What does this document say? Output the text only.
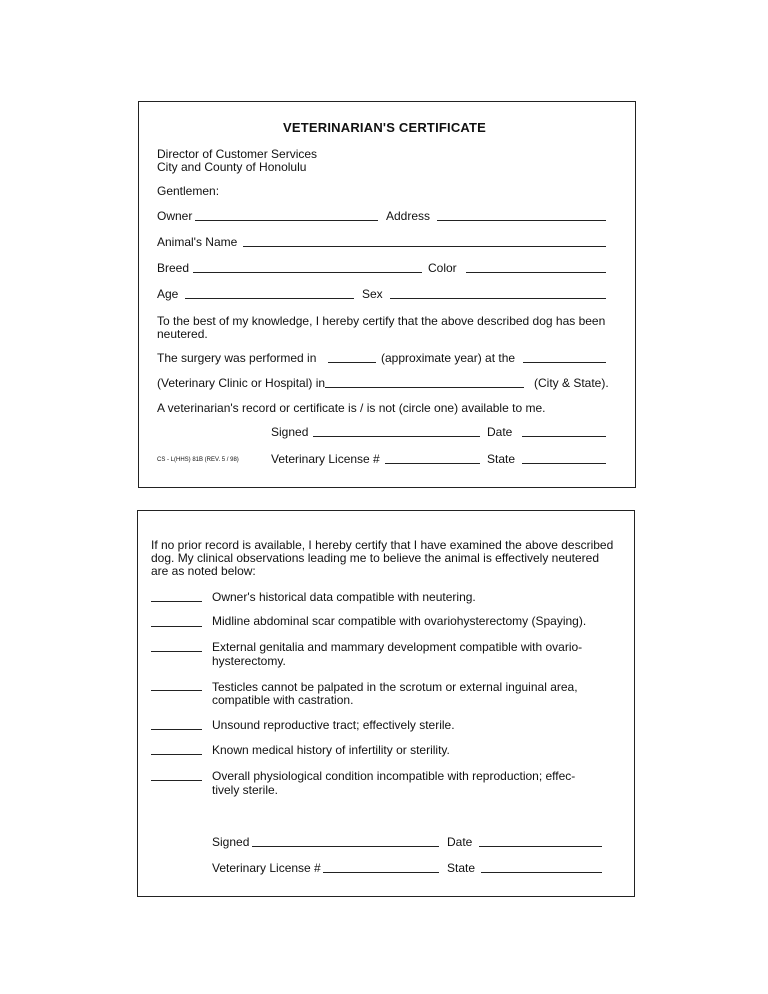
VETERINARIAN'S CERTIFICATE
Director of Customer Services
City and County of Honolulu
Gentlemen:
Owner	Address
Animal's Name
Breed	Color
Age	Sex
To the best of my knowledge, I hereby certify that the above described dog has been
neutered.
The surgery was performed in	(approximate year) at the
(Veterinary Clinic or Hospital) in	(City & State).
A veterinarian's record or certificate is / is not (circle one) available to me.
Signed	Date
CS - L(HHS) 81B (REV. 5 / 98)	Veterinary License #	State
If no prior record is available, I hereby certify that I have examined the above described
dog. My clinical observations leading me to believe the animal is effectively neutered
are as noted below:
Owner's historical data compatible with neutering.
Midline abdominal scar compatible with ovariohysterectomy (Spaying).
External genitalia and mammary development compatible with ovario-
hysterectomy.
Testicles cannot be palpated in the scrotum or external inguinal area,
compatible with castration.
Unsound reproductive tract; effectively sterile.
Known medical history of infertility or sterility.
Overall physiological condition incompatible with reproduction; effec-
tively sterile.
Signed	Date
Veterinary License #	State
